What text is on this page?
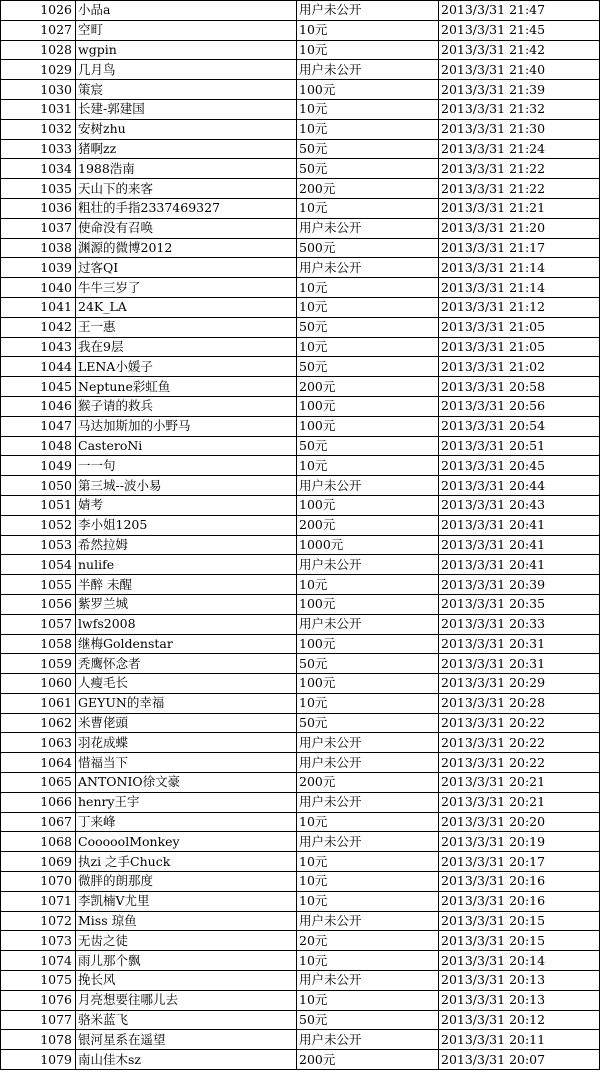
1026	小品a	用户未公开	2013/3/31 21:47
1027	空町	10元	2013/3/31 21:45
1028	wgpin	10元	2013/3/31 21:42
1029	几月鸟	用户未公开	2013/3/31 21:40
1030	策宸	100元	2013/3/31 21:39
1031	长建-郭建国	10元	2013/3/31 21:32
1032	安树zhu	10元	2013/3/31 21:30
1033	猪啊zz	50元	2013/3/31 21:24
1034	1988浩南	50元	2013/3/31 21:22
1035	天山下的来客	200元	2013/3/31 21:22
1036	粗壮的手指2337469327	10元	2013/3/31 21:21
1037	使命没有召唤	用户未公开	2013/3/31 21:20
1038	渊源的微博2012	500元	2013/3/31 21:17
1039	过客QI	用户未公开	2013/3/31 21:14
1040	牛牛三岁了	10元	2013/3/31 21:14
1041	24K_LA	10元	2013/3/31 21:12
1042	王一惠	50元	2013/3/31 21:05
1043	我在9层	10元	2013/3/31 21:05
1044	LENA小媛子	50元	2013/3/31 21:02
1045	Neptune彩虹鱼	200元	2013/3/31 20:58
1046	猴子请的救兵	100元	2013/3/31 20:56
1047	马达加斯加的小野马	100元	2013/3/31 20:54
1048	CasteroNi	50元	2013/3/31 20:51
1049	一一句	10元	2013/3/31 20:45
1050	第三城--波小易	用户未公开	2013/3/31 20:44
1051	婧考	100元	2013/3/31 20:43
1052	李小姐1205	200元	2013/3/31 20:41
1053	希然拉姆	1000元	2013/3/31 20:41
1054	nulife	用户未公开	2013/3/31 20:41
1055	半醉 未醒	10元	2013/3/31 20:39
1056	紫罗兰城	100元	2013/3/31 20:35
1057	lwfs2008	用户未公开	2013/3/31 20:33
1058	继梅Goldenstar	100元	2013/3/31 20:31
1059	秃鹰怀念者	50元	2013/3/31 20:31
1060	人瘦毛长	100元	2013/3/31 20:29
1061	GEYUN的幸福	10元	2013/3/31 20:28
1062	米曹佬頭	50元	2013/3/31 20:22
1063	羽花成蝶	用户未公开	2013/3/31 20:22
1064	惜福当下	用户未公开	2013/3/31 20:22
1065	ANTONIO徐文豪	200元	2013/3/31 20:21
1066	henry王宇	用户未公开	2013/3/31 20:21
1067	丁来峰	10元	2013/3/31 20:20
1068	CooooolMonkey	用户未公开	2013/3/31 20:19
1069	执zi 之手Chuck	10元	2013/3/31 20:17
1070	微胖的朗那度	10元	2013/3/31 20:16
1071	李凯楠V尤里	10元	2013/3/31 20:16
1072	Miss 琼鱼	用户未公开	2013/3/31 20:15
1073	无齿之徒	20元	2013/3/31 20:15
1074	雨儿那个飘	10元	2013/3/31 20:14
1075	挽长风	用户未公开	2013/3/31 20:13
1076	月亮想要往哪儿去	10元	2013/3/31 20:13
1077	骆米蓝飞	50元	2013/3/31 20:12
1078	银河星系在遥望	用户未公开	2013/3/31 20:11
1079	南山佳木sz	200元	2013/3/31 20:07
